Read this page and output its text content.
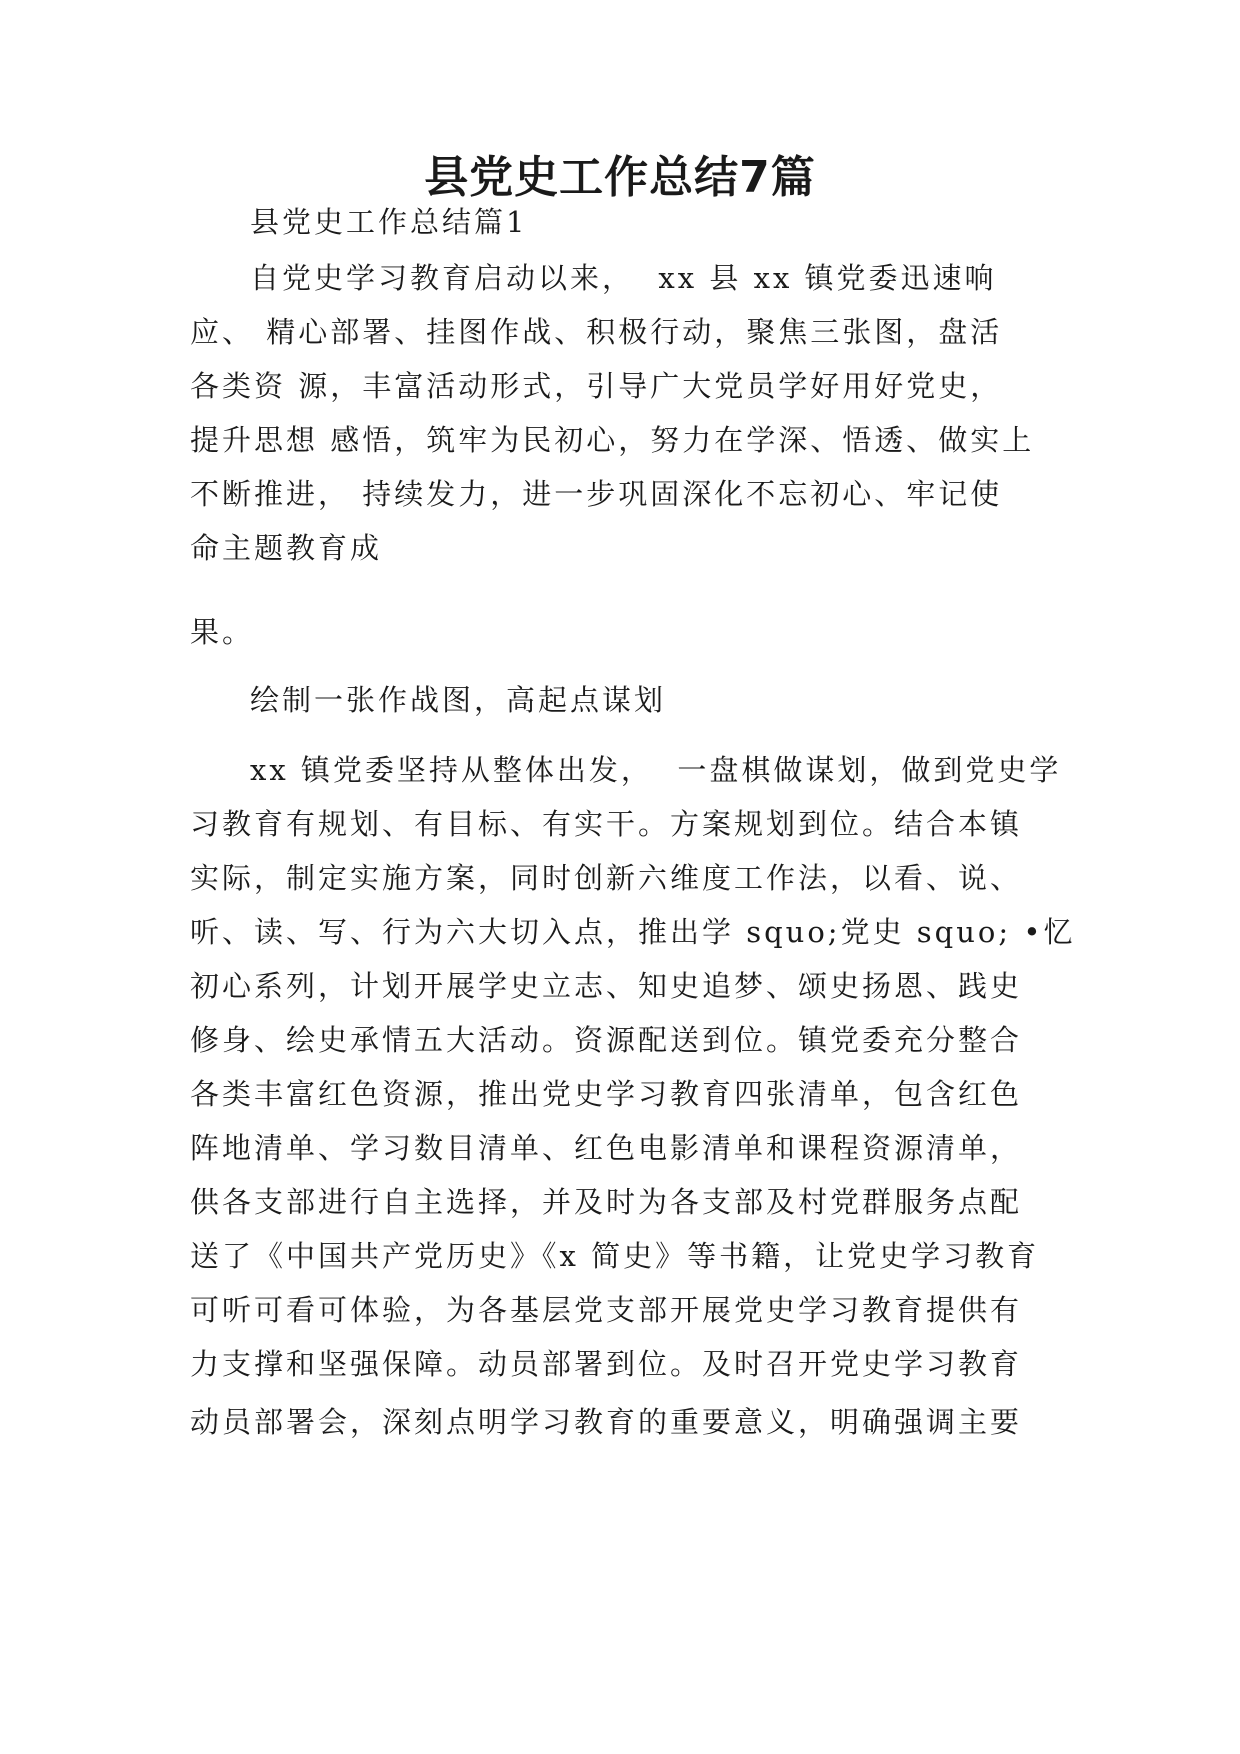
县党史工作总结7篇
县党史工作总结篇1
自党史学习教育启动以来，  xx 县 xx 镇党委迅速响
应、 精心部署、挂图作战、积极行动，聚焦三张图，盘活
各类资 源，丰富活动形式，引导广大党员学好用好党史，
提升思想 感悟，筑牢为民初心，努力在学深、悟透、做实上
不断推进， 持续发力，进一步巩固深化不忘初心、牢记使
命主题教育成
果。
绘制一张作战图，高起点谋划
xx 镇党委坚持从整体出发，  一盘棋做谋划，做到党史学
习教育有规划、有目标、有实干。方案规划到位。结合本镇
实际，制定实施方案，同时创新六维度工作法，以看、说、
听、读、写、行为六大切入点，推出学 squo;党史 squo; •忆
初心系列，计划开展学史立志、知史追梦、颂史扬恩、践史
修身、绘史承情五大活动。资源配送到位。镇党委充分整合
各类丰富红色资源，推出党史学习教育四张清单，包含红色
阵地清单、学习数目清单、红色电影清单和课程资源清单，
供各支部进行自主选择，并及时为各支部及村党群服务点配
送了《中国共产党历史》《x 简史》等书籍，让党史学习教育
可听可看可体验，为各基层党支部开展党史学习教育提供有
力支撑和坚强保障。动员部署到位。及时召开党史学习教育
动员部署会，深刻点明学习教育的重要意义，明确强调主要
